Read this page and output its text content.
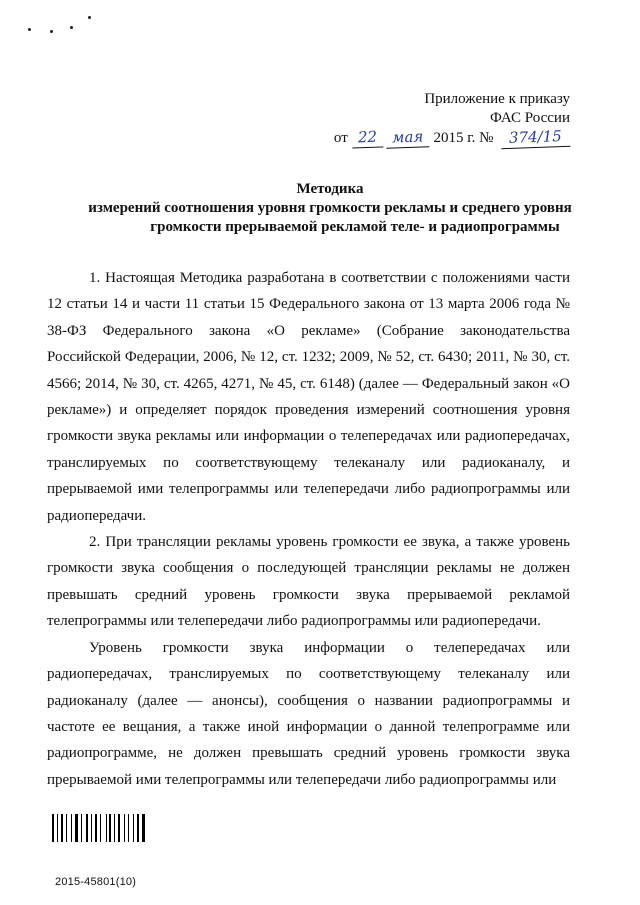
Приложение к приказу
ФАС России
от 22 мая 2015 г. № 374/15
Методика
измерений соотношения уровня громкости рекламы и среднего уровня
громкости прерываемой рекламой теле- и радиопрограммы

1. Настоящая Методика разработана в соответствии с положениями части 12 статьи 14 и части 11 статьи 15 Федерального закона от 13 марта 2006 года № 38-ФЗ Федерального закона «О рекламе» (Собрание законодательства Российской Федерации, 2006, № 12, ст. 1232; 2009, № 52, ст. 6430; 2011, № 30, ст. 4566; 2014, № 30, ст. 4265, 4271, № 45, ст. 6148) (далее — Федеральный закон «О рекламе») и определяет порядок проведения измерений соотношения уровня громкости звука рекламы или информации о телепередачах или радиопередачах, транслируемых по соответствующему телеканалу или радиоканалу, и прерываемой ими телепрограммы или телепередачи либо радиопрограммы или радиопередачи.

2. При трансляции рекламы уровень громкости ее звука, а также уровень громкости звука сообщения о последующей трансляции рекламы не должен превышать средний уровень громкости звука прерываемой рекламой телепрограммы или телепередачи либо радиопрограммы или радиопередачи.

Уровень громкости звука информации о телепередачах или радиопередачах, транслируемых по соответствующему телеканалу или радиоканалу (далее — анонсы), сообщения о названии радиопрограммы и частоте ее вещания, а также иной информации о данной телепрограмме или радиопрограмме, не должен превышать средний уровень громкости звука прерываемой ими телепрограммы или телепередачи либо радиопрограммы или

2015-45801(10)
